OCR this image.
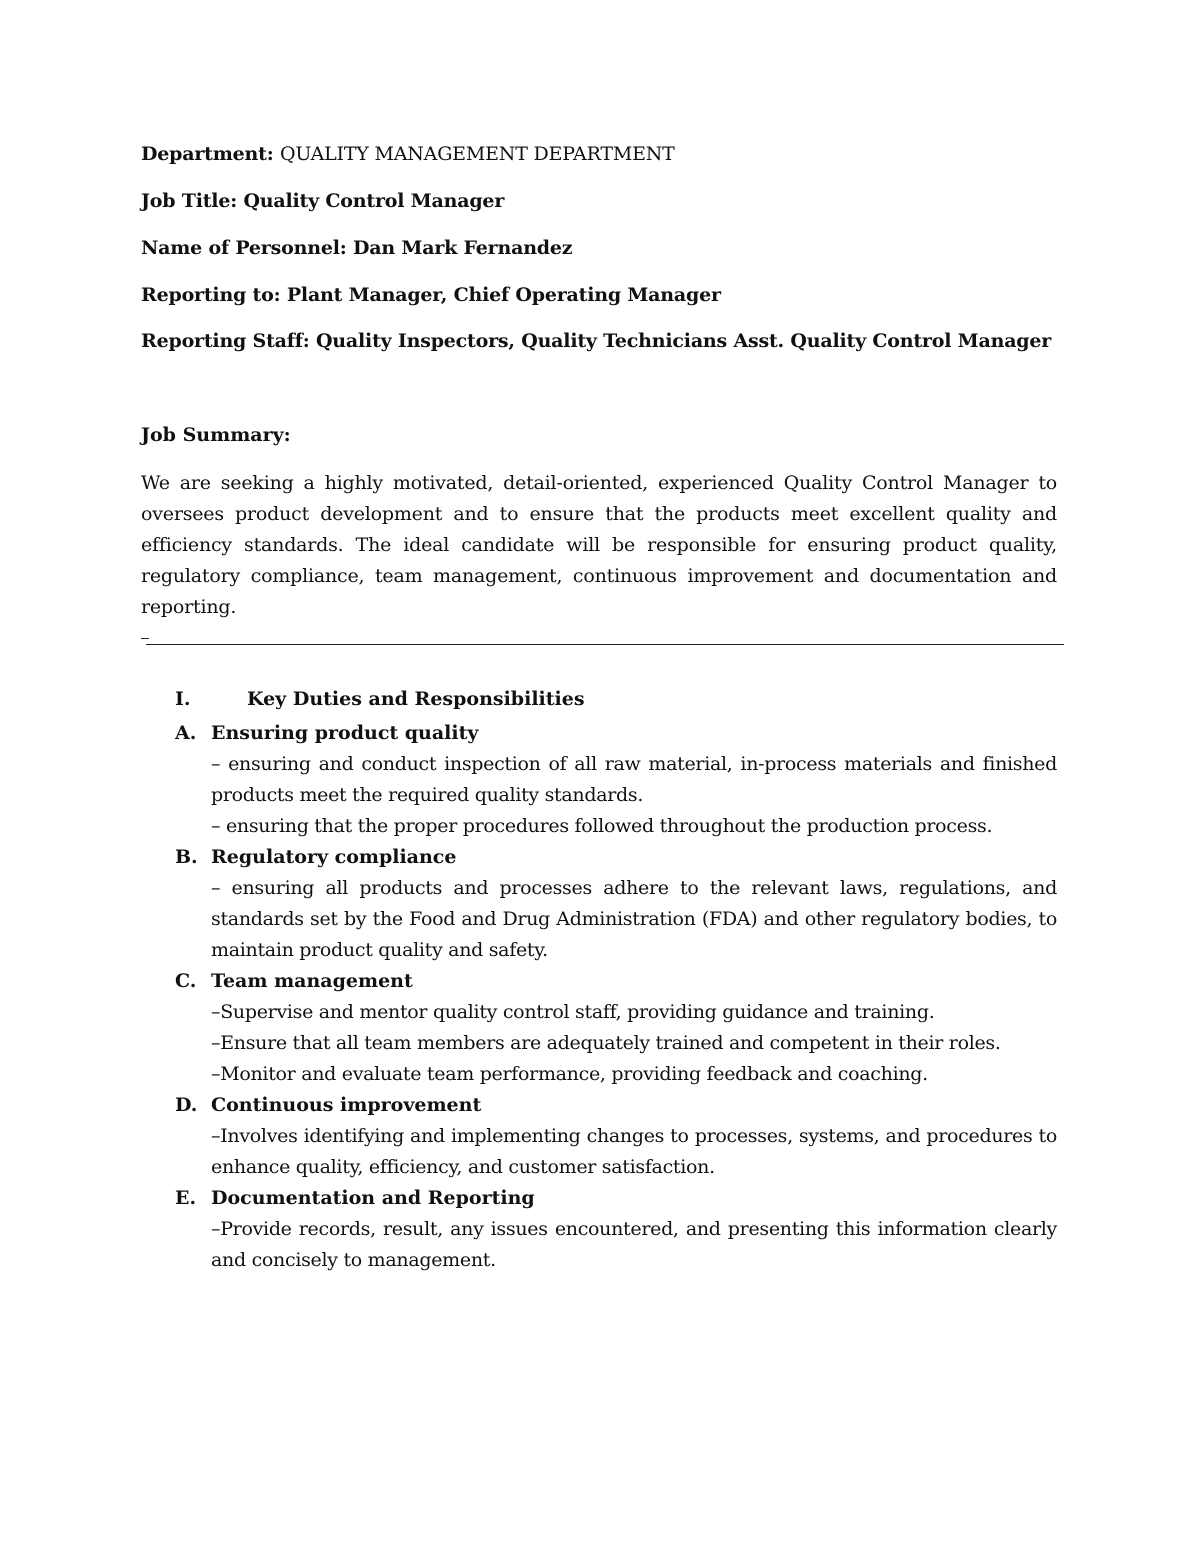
Department: QUALITY MANAGEMENT DEPARTMENT
Job Title: Quality Control Manager
Name of Personnel: Dan Mark Fernandez
Reporting to: Plant Manager, Chief Operating Manager
Reporting Staff: Quality Inspectors, Quality Technicians Asst. Quality Control Manager
Job Summary:

We are seeking a highly motivated, detail-oriented, experienced Quality Control Manager to oversees product development and to ensure that the products meet excellent quality and efficiency standards. The ideal candidate will be responsible for ensuring product quality, regulatory compliance, team management, continuous improvement and documentation and reporting.

I.	Key Duties and Responsibilities
A. Ensuring product quality

– ensuring and conduct inspection of all raw material, in-process materials and finished products meet the required quality standards.

– ensuring that the proper procedures followed throughout the production process.

B. Regulatory compliance

– ensuring all products and processes adhere to the relevant laws, regulations, and standards set by the Food and Drug Administration (FDA) and other regulatory bodies, to maintain product quality and safety.

C. Team management

–Supervise and mentor quality control staff, providing guidance and training.

–Ensure that all team members are adequately trained and competent in their roles.

–Monitor and evaluate team performance, providing feedback and coaching.

D. Continuous improvement

–Involves identifying and implementing changes to processes, systems, and procedures to enhance quality, efficiency, and customer satisfaction.

E. Documentation and Reporting

–Provide records, result, any issues encountered, and presenting this information clearly and concisely to management.
